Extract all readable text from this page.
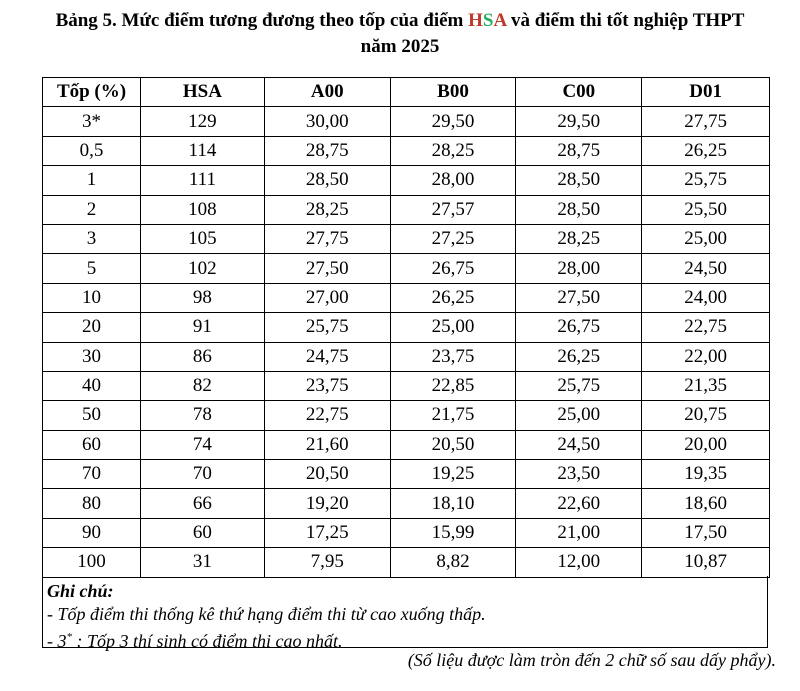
Bảng 5. Mức điểm tương đương theo tốp của điểm HSA và điểm thi tốt nghiệp THPT
năm 2025
Tốp (%)	HSA	A00	B00	C00	D01
3*	129	30,00	29,50	29,50	27,75
0,5	114	28,75	28,25	28,75	26,25
1	111	28,50	28,00	28,50	25,75
2	108	28,25	27,57	28,50	25,50
3	105	27,75	27,25	28,25	25,00
5	102	27,50	26,75	28,00	24,50
10	98	27,00	26,25	27,50	24,00
20	91	25,75	25,00	26,75	22,75
30	86	24,75	23,75	26,25	22,00
40	82	23,75	22,85	25,75	21,35
50	78	22,75	21,75	25,00	20,75
60	74	21,60	20,50	24,50	20,00
70	70	20,50	19,25	23,50	19,35
80	66	19,20	18,10	22,60	18,60
90	60	17,25	15,99	21,00	17,50
100	31	7,95	8,82	12,00	10,87
Ghi chú:
- Tốp điểm thi thống kê thứ hạng điểm thi từ cao xuống thấp.
- 3* : Tốp 3 thí sinh có điểm thi cao nhất.
(Số liệu được làm tròn đến 2 chữ số sau dấy phẩy).
